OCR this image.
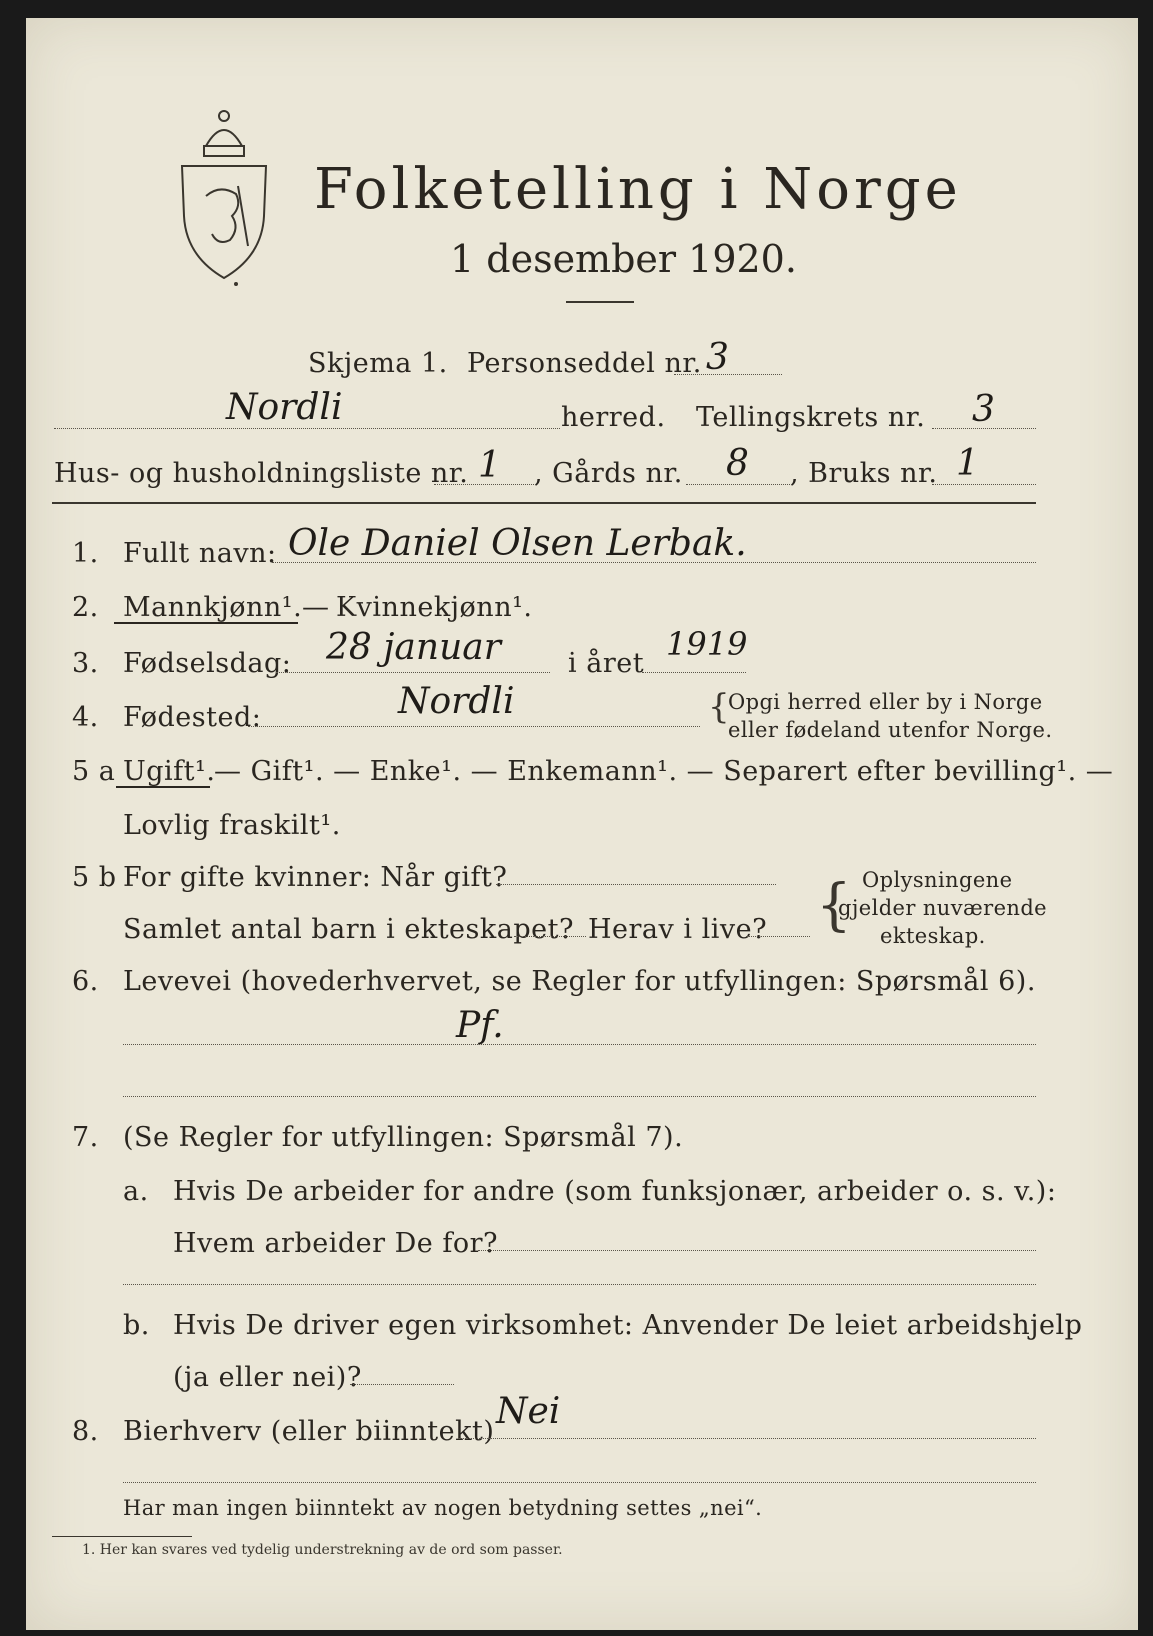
Folketelling i Norge
1 desember 1920.
Skjema 1. Personseddel nr. 3
Nordli	herred. Tellingskrets nr. 3
Hus- og husholdningsliste nr. 1 , Gårds nr. 8 , Bruks nr. 1
1. Fullt navn: Ole Daniel Olsen Lerbak.
2. Mannkjønn¹. — Kvinnekjønn¹.
3. Fødselsdag: 28 januar i året
1919
4. Fødested:	Nordli	{
Opgi herred eller by i Norge
eller fødeland utenfor Norge.
5 a Ugift¹.
— Gift¹. — Enke¹. — Enkemann¹. — Separert efter bevilling¹. —
Lovlig fraskilt¹.
5 b For gifte kvinner: Når gift?
Samlet antal barn i ekteskapet? Herav i live? { Oplysningene
gjelder nuværende
ekteskap.
6. Levevei (hovederhvervet, se Regler for utfyllingen: Spørsmål 6).
Pf.
7. (Se Regler for utfyllingen: Spørsmål 7).
a. Hvis De arbeider for andre (som funksjonær, arbeider o. s. v.):
Hvem arbeider De for?
b. Hvis De driver egen virksomhet: Anvender De leiet arbeidshjelp
(ja eller nei)?
8. Bierhverv (eller biinntekt) Nei
Har man ingen biinntekt av nogen betydning settes „nei“.
1. Her kan svares ved tydelig understrekning av de ord som passer.
